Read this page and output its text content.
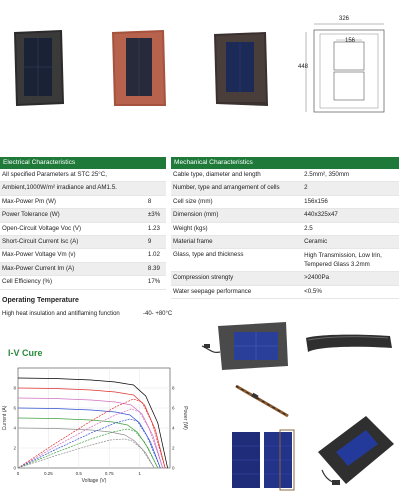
326
156
448
Electrical Characteristics
All specified Parameters at STC 25°C,	
Ambient,1000W/m² irradiance and AM1.5.	
Max-Power Pm (W)	8
Power Tolerance (W)	±3%
Open-Circuit Voltage Voc (V)	1.23
Short-Circuit Current Isc (A)	9
Max-Power Voltage Vm (v)	1.02
Max-Power Current Im (A)	8.39
Cell Efficiency (%)	17%
Mechanical Characteristics
Cable type, diameter and length	2.5mm², 350mm
Number, type and arrangement of cells	2
Cell size (mm)	156x156
Dimension (mm)	440x325x47
Weight (kgs)	2.5
Material frame	Ceramic
Glass, type and thickness	High Transmission, Low Irin,
Tempered Glass 3.2mm

Compression strengty	>2400Pa
Water seepage performance	<0.5%
Operating Temperature
High heat insulation and antiflaming function	-40- +80°C
I-V Cure
0	0.25	0.5	0.75	1
0
2
4
6
8
0
2
4
6
8
Voltage (V)
Current (A)	Power (W)
